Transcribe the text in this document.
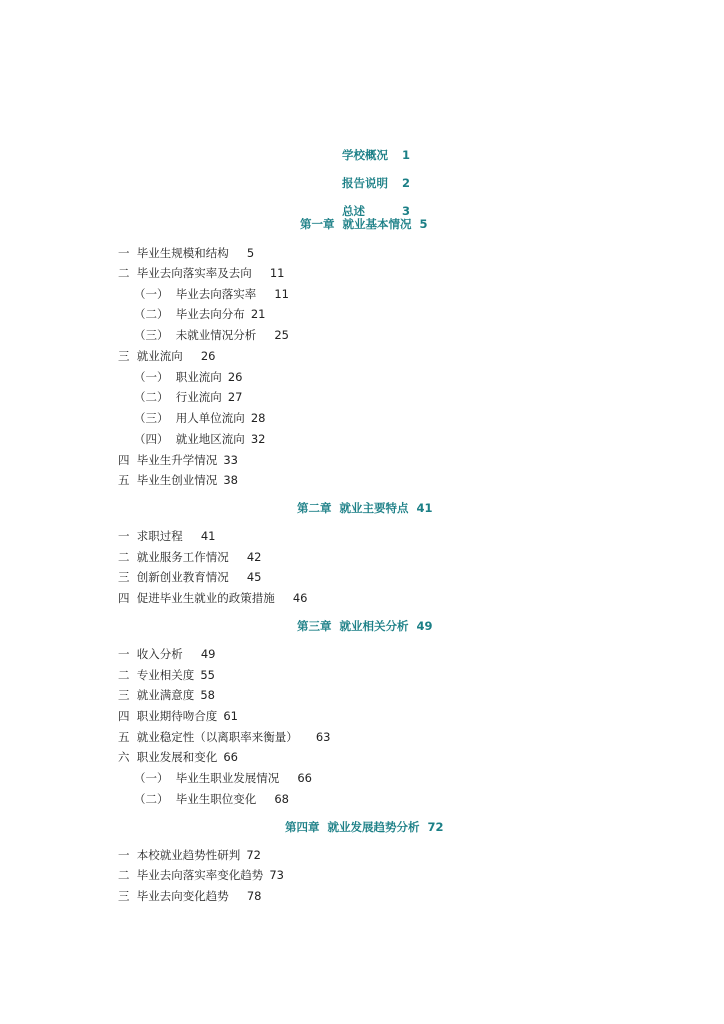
学校概况 1

报告说明 2

总述	3

第一章  就业基本情况  5
一  毕业生规模和结构 5
二  毕业去向落实率及去向 11
（一）  毕业去向落实率 11
（二）  毕业去向分布 21
（三）  未就业情况分析 25
三  就业流向 26
（一）  职业流向 26
（二）  行业流向 27
（三）  用人单位流向 28
（四）  就业地区流向 32
四  毕业生升学情况 33
五  毕业生创业情况 38
第二章  就业主要特点  41
一  求职过程 41
二  就业服务工作情况 42
三  创新创业教育情况 45
四  促进毕业生就业的政策措施 46
第三章  就业相关分析  49
一  收入分析 49
二  专业相关度 55
三  就业满意度 58
四  职业期待吻合度 61
五  就业稳定性（以离职率来衡量） 63
六  职业发展和变化 66
（一）  毕业生职业发展情况 66
（二）  毕业生职位变化 68
第四章  就业发展趋势分析  72
一  本校就业趋势性研判 72
二  毕业去向落实率变化趋势 73
三  毕业去向变化趋势 78
